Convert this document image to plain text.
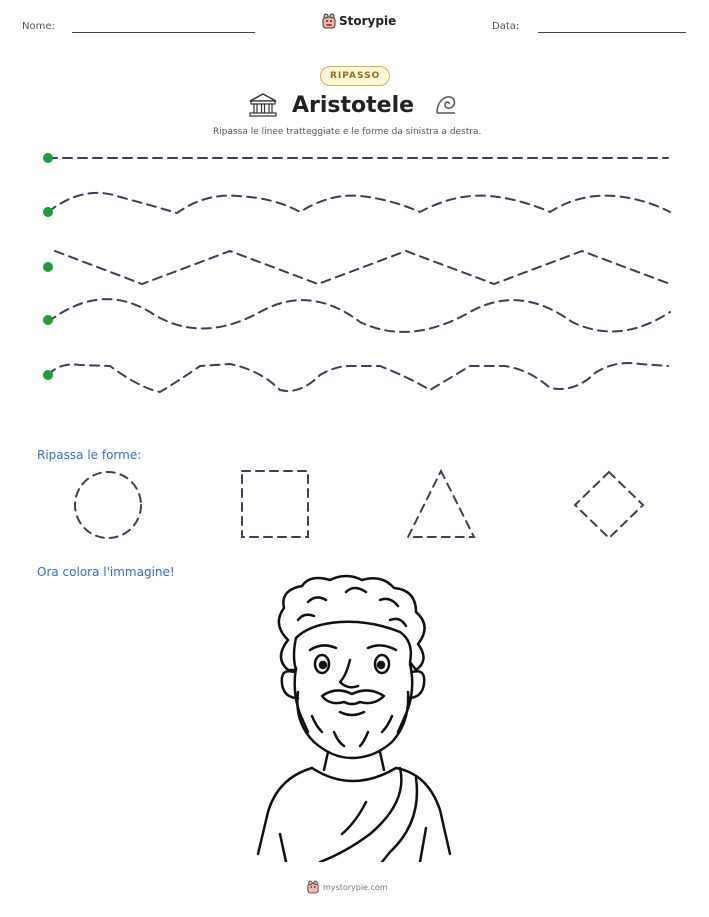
Nome:	Storypie	Data:
RIPASSO
Aristotele
Ripassa le linee tratteggiate e le forme da sinistra a destra.
Ripassa le forme:
Ora colora l'immagine!
mystorypie.com
